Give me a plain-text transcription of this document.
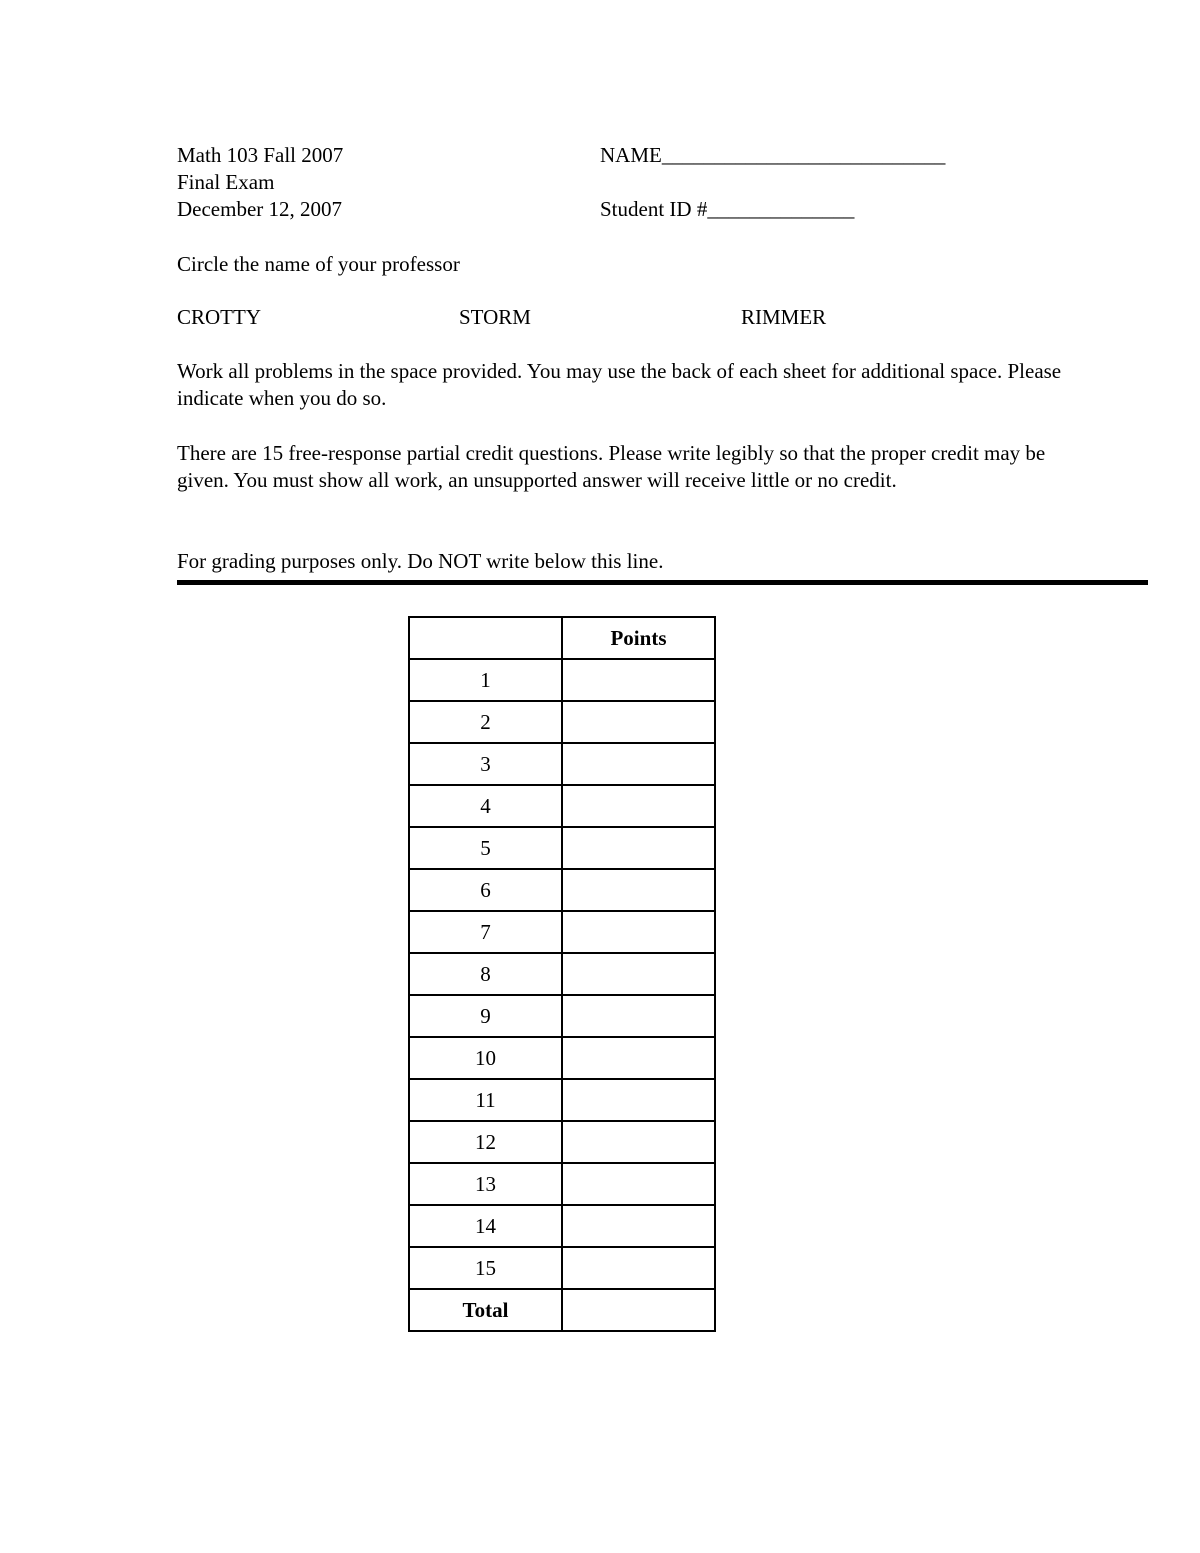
Math 103 Fall 2007
Final Exam
December 12, 2007
NAME___________________________
Student ID #______________
Circle the name of your professor
CROTTY	STORM	RIMMER
Work all problems in the space provided. You may use the back of each sheet for additional space. Please indicate when you do so.
There are 15 free-response partial credit questions. Please write legibly so that the proper credit may be given. You must show all work, an unsupported answer will receive little or no credit.
For grading purposes only. Do NOT write below this line.
	Points
1	
2	
3	
4	
5	
6	
7	
8	
9	
10	
11	
12	
13	
14	
15	
Total	
